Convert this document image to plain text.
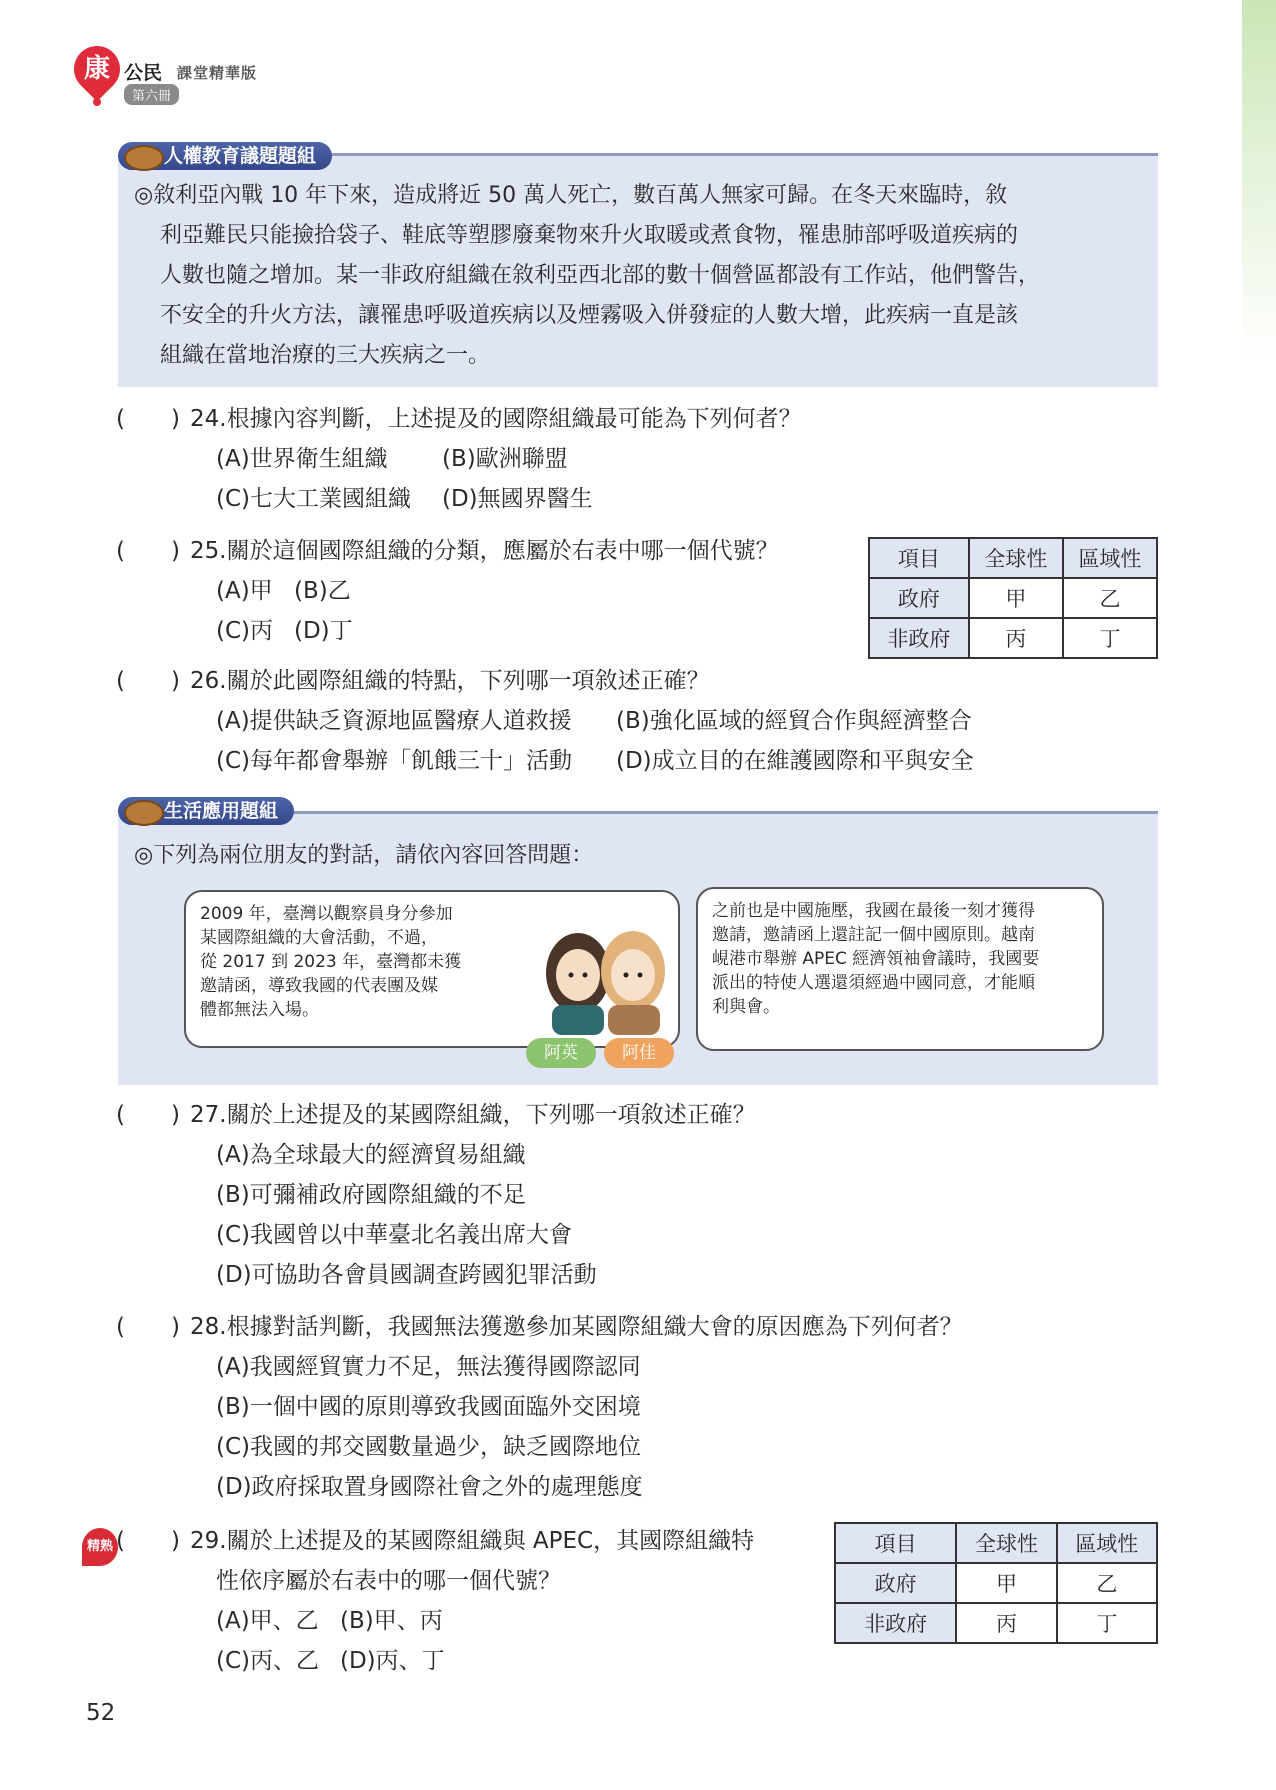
康 公民 課堂精華版
第六冊
人權教育議題題組
◎敘利亞內戰 10 年下來，造成將近 50 萬人死亡，數百萬人無家可歸。在冬天來臨時，敘
利亞難民只能撿拾袋子、鞋底等塑膠廢棄物來升火取暖或煮食物，罹患肺部呼吸道疾病的
人數也隨之增加。某一非政府組織在敘利亞西北部的數十個營區都設有工作站，他們警告，
不安全的升火方法，讓罹患呼吸道疾病以及煙霧吸入併發症的人數大增，此疾病一直是該
組織在當地治療的三大疾病之一。
(　　) 24.根據內容判斷，上述提及的國際組織最可能為下列何者？
(A)世界衛生組織 (B)歐洲聯盟
(C)七大工業國組織 (D)無國界醫生
(　　) 25.關於這個國際組織的分類，應屬於右表中哪一個代號？
(A)甲 (B)乙
(C)丙 (D)丁
項目	全球性	區域性
政府	甲	乙
非政府	丙	丁
(　　) 26.關於此國際組織的特點，下列哪一項敘述正確？
(A)提供缺乏資源地區醫療人道救援 (B)強化區域的經貿合作與經濟整合
(C)每年都會舉辦「飢餓三十」活動 (D)成立目的在維護國際和平與安全
生活應用題組
◎下列為兩位朋友的對話，請依內容回答問題：
2009 年，臺灣以觀察員身分參加
某國際組織的大會活動，不過，
從 2017 到 2023 年，臺灣都未獲
邀請函，導致我國的代表團及媒
體都無法入場。
之前也是中國施壓，我國在最後一刻才獲得
邀請，邀請函上還註記一個中國原則。越南
峴港市舉辦 APEC 經濟領袖會議時，我國要
派出的特使人選還須經過中國同意，才能順
利與會。
阿英	阿佳
(　　) 27.關於上述提及的某國際組織，下列哪一項敘述正確？
(A)為全球最大的經濟貿易組織
(B)可彌補政府國際組織的不足
(C)我國曾以中華臺北名義出席大會
(D)可協助各會員國調查跨國犯罪活動
(　　) 28.根據對話判斷，我國無法獲邀參加某國際組織大會的原因應為下列何者？
(A)我國經貿實力不足，無法獲得國際認同
(B)一個中國的原則導致我國面臨外交困境
(C)我國的邦交國數量過少，缺乏國際地位
(D)政府採取置身國際社會之外的處理態度
精熟 (　　) 29.關於上述提及的某國際組織與 APEC，其國際組織特
性依序屬於右表中的哪一個代號？
(A)甲、乙 (B)甲、丙
(C)丙、乙 (D)丙、丁
項目	全球性	區域性
政府	甲	乙
非政府	丙	丁
52
